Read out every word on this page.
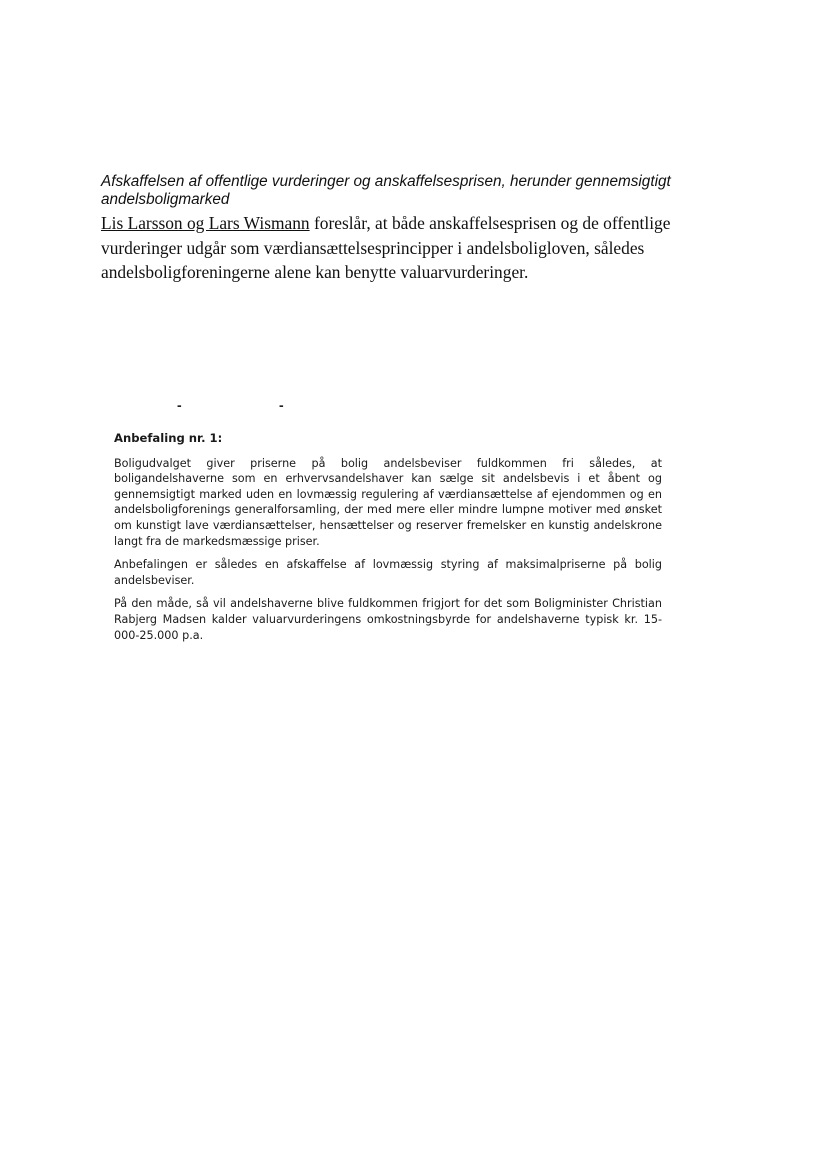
Afskaffelsen af offentlige vurderinger og anskaffelsesprisen, herunder gennemsigtigt andelsboligmarked
Lis Larsson og Lars Wismann foreslår, at både anskaffelsesprisen og de offentlige vurderinger udgår som værdiansættelsesprincipper i andelsboligloven, således andelsboligforeningerne alene kan benytte valuarvurderinger.
-	-
Anbefaling nr. 1:

Boligudvalget giver priserne på bolig andelsbeviser fuldkommen fri således, at boligandelshaverne som en erhvervsandelshaver kan sælge sit andelsbevis i et åbent og gennemsigtigt marked uden en lovmæssig regulering af værdiansættelse af ejendommen og en andelsboligforenings generalforsamling, der med mere eller mindre lumpne motiver med ønsket om kunstigt lave værdiansættelser, hensættelser og reserver fremelsker en kunstig andelskrone langt fra de markedsmæssige priser.

Anbefalingen er således en afskaffelse af lovmæssig styring af maksimalpriserne på bolig andelsbeviser.

På den måde, så vil andelshaverne blive fuldkommen frigjort for det som Boligminister Christian Rabjerg Madsen kalder valuarvurderingens omkostningsbyrde for andelshaverne typisk kr. 15-000-25.000 p.a.
